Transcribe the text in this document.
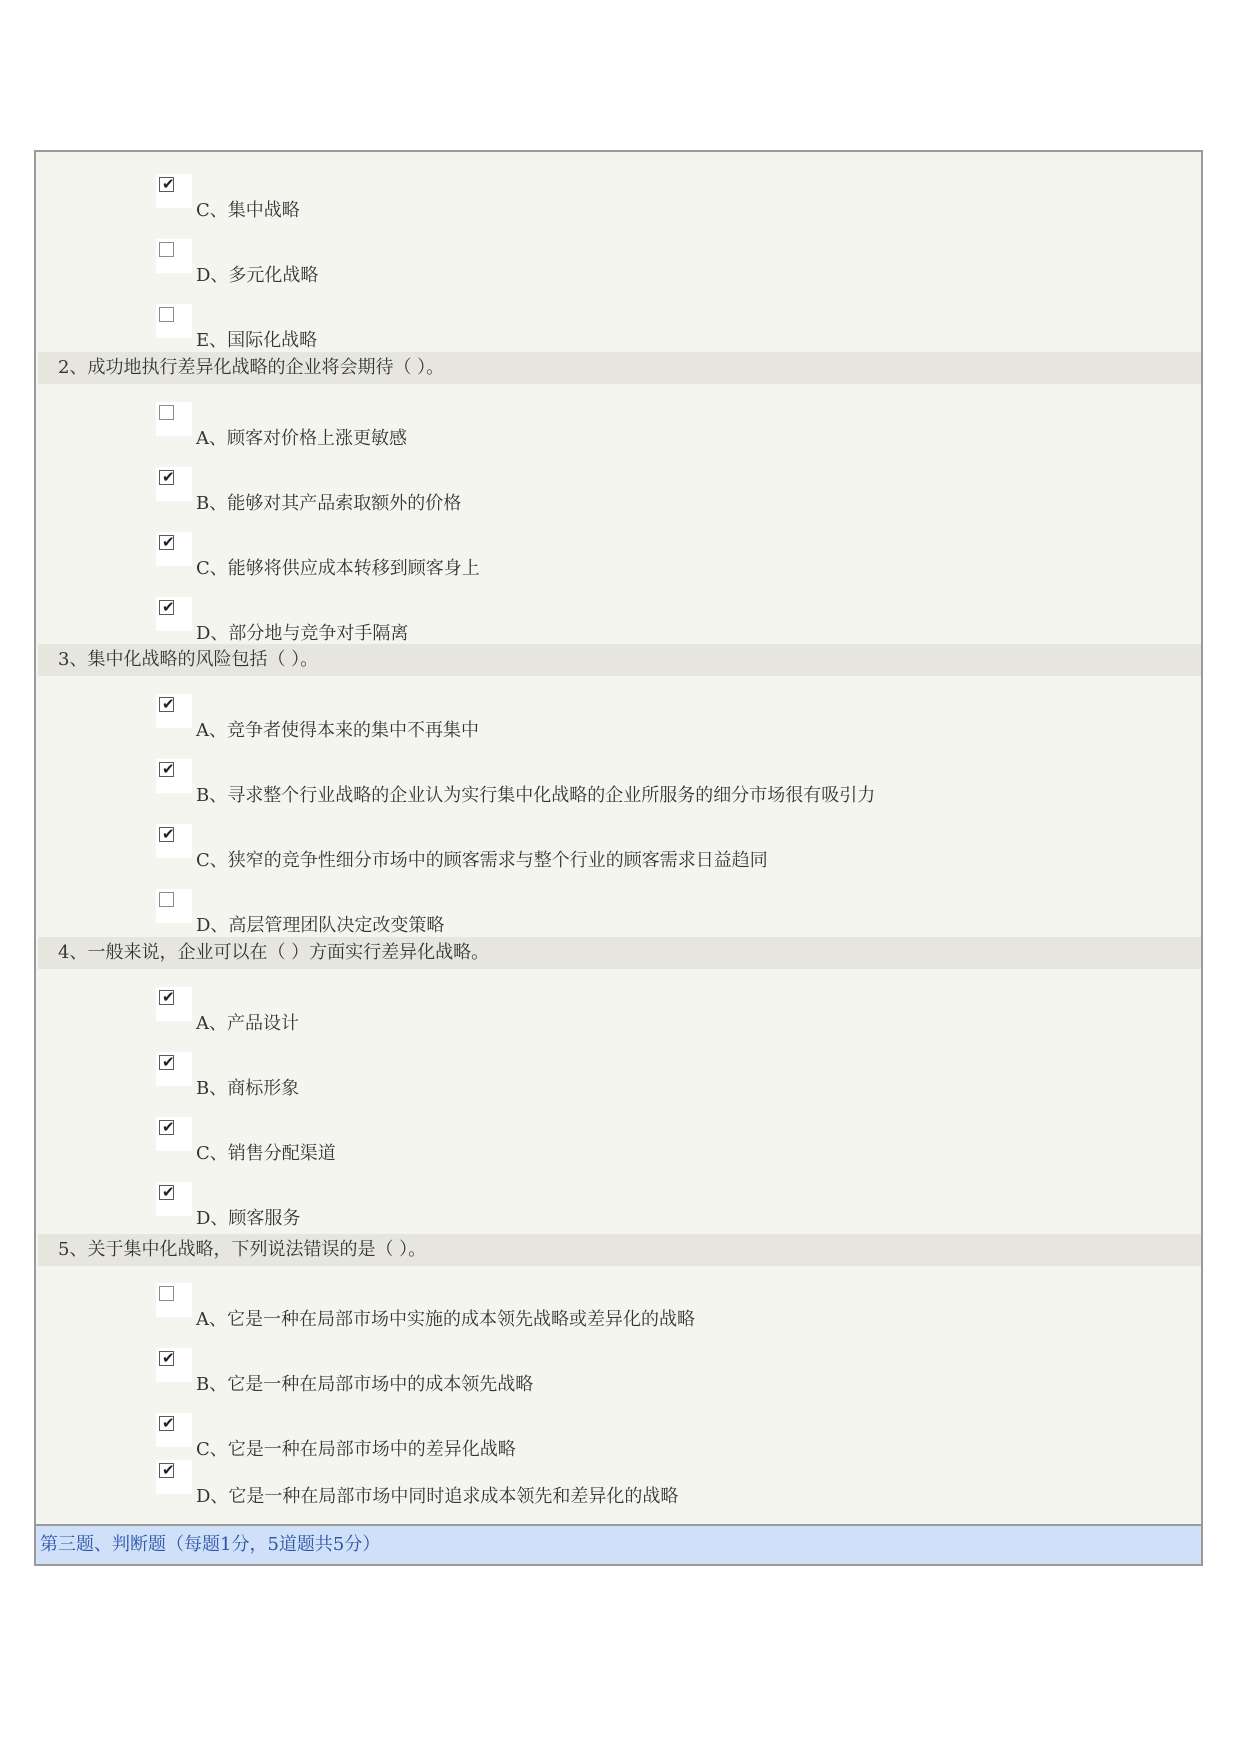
✔
C、集中战略
D、多元化战略
E、国际化战略
2、成功地执行差异化战略的企业将会期待（ ）。
A、顾客对价格上涨更敏感
✔
B、能够对其产品索取额外的价格
✔
C、能够将供应成本转移到顾客身上
✔
D、部分地与竞争对手隔离
3、集中化战略的风险包括（ ）。
✔
A、竞争者使得本来的集中不再集中
✔
B、寻求整个行业战略的企业认为实行集中化战略的企业所服务的细分市场很有吸引力
✔
C、狭窄的竞争性细分市场中的顾客需求与整个行业的顾客需求日益趋同
D、高层管理团队决定改变策略
4、一般来说，企业可以在（ ）方面实行差异化战略。
✔
A、产品设计
✔
B、商标形象
✔
C、销售分配渠道
✔
D、顾客服务
5、关于集中化战略，下列说法错误的是（ ）。
A、它是一种在局部市场中实施的成本领先战略或差异化的战略
✔
B、它是一种在局部市场中的成本领先战略
✔
C、它是一种在局部市场中的差异化战略
✔
D、它是一种在局部市场中同时追求成本领先和差异化的战略
第三题、判断题（每题1分，5道题共5分）
